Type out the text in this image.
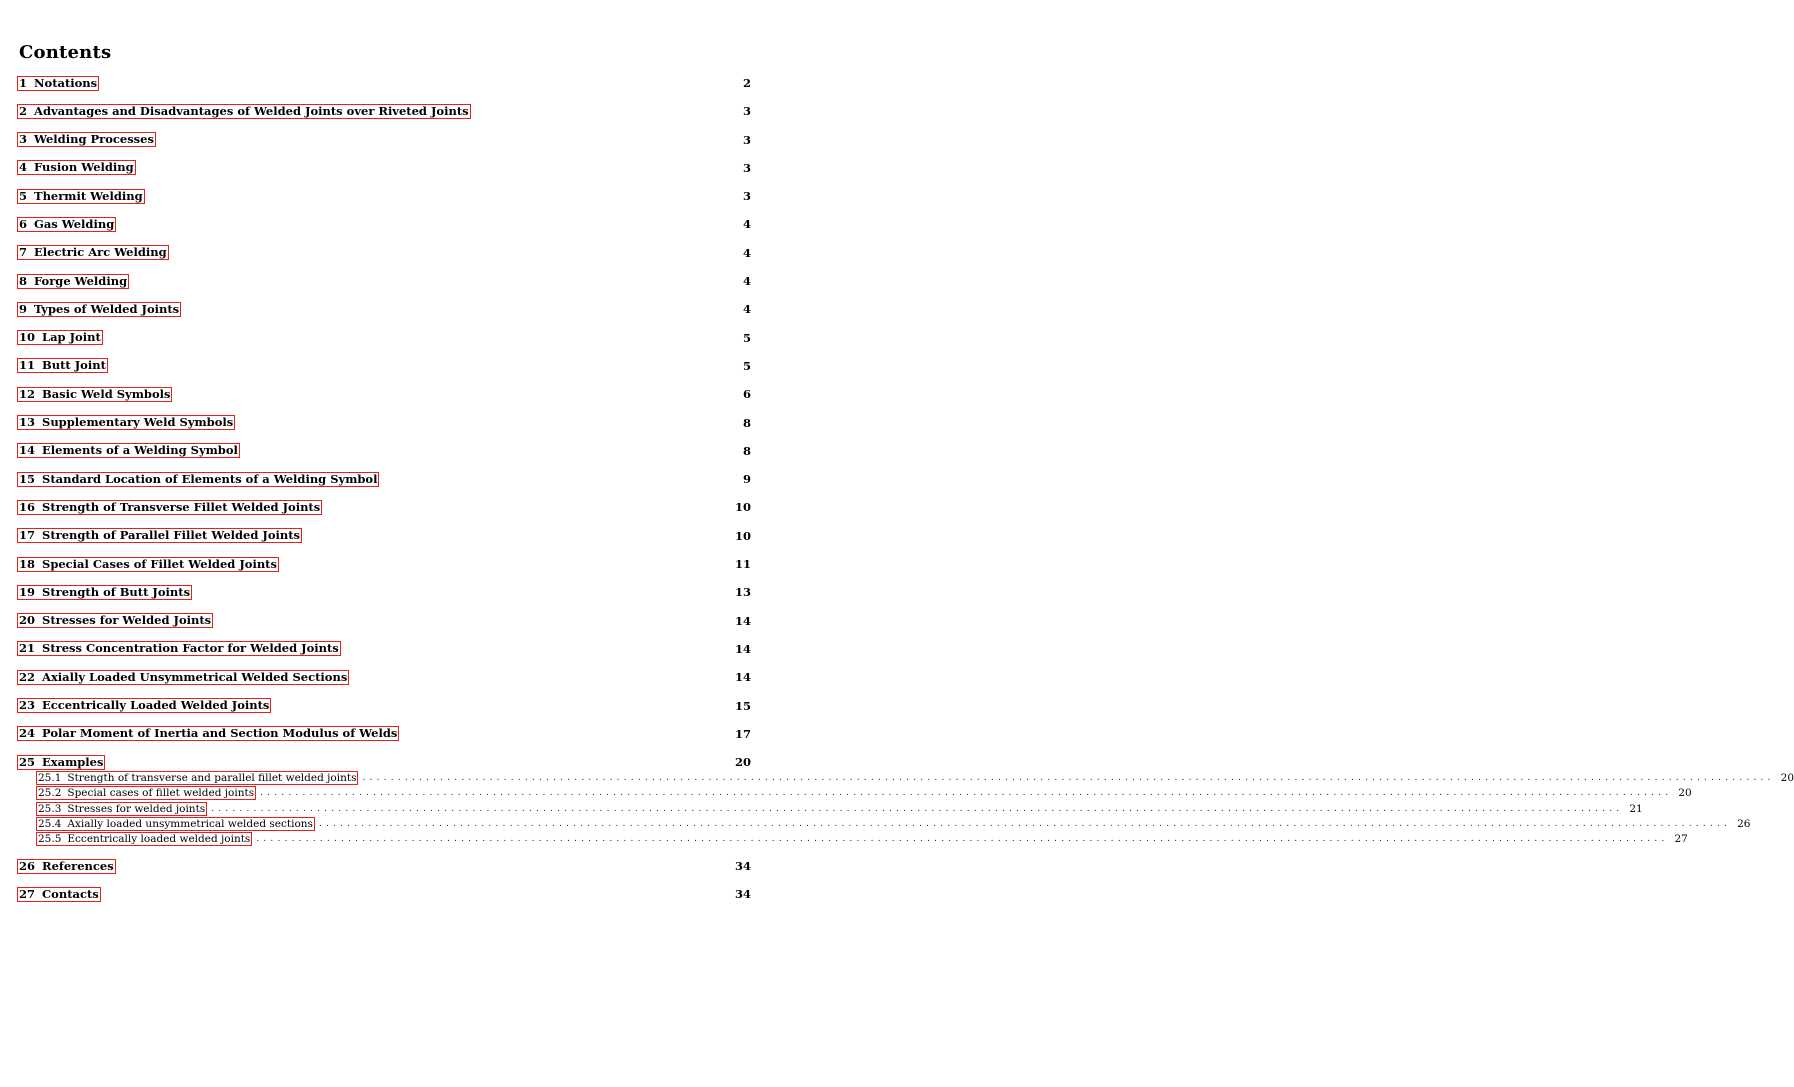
Contents
1 Notations	2
2 Advantages and Disadvantages of Welded Joints over Riveted Joints	3
3 Welding Processes	3
4 Fusion Welding	3
5 Thermit Welding	3
6 Gas Welding	4
7 Electric Arc Welding	4
8 Forge Welding	4
9 Types of Welded Joints	4
10 Lap Joint	5
11 Butt Joint	5
12 Basic Weld Symbols	6
13 Supplementary Weld Symbols	8
14 Elements of a Welding Symbol	8
15 Standard Location of Elements of a Welding Symbol	9
16 Strength of Transverse Fillet Welded Joints	10
17 Strength of Parallel Fillet Welded Joints	10
18 Special Cases of Fillet Welded Joints	11
19 Strength of Butt Joints	13
20 Stresses for Welded Joints	14
21 Stress Concentration Factor for Welded Joints	14
22 Axially Loaded Unsymmetrical Welded Sections	14
23 Eccentrically Loaded Welded Joints	15
24 Polar Moment of Inertia and Section Modulus of Welds	17
25 Examples	20
25.1 Strength of transverse and parallel fillet welded joints ........................................................................................................................................................................................................ 20
25.2 Special cases of fillet welded joints ........................................................................................................................................................................................................ 20
25.3 Stresses for welded joints ........................................................................................................................................................................................................ 21
25.4 Axially loaded unsymmetrical welded sections ........................................................................................................................................................................................................ 26
25.5 Eccentrically loaded welded joints ........................................................................................................................................................................................................ 27
26 References	34
27 Contacts	34
